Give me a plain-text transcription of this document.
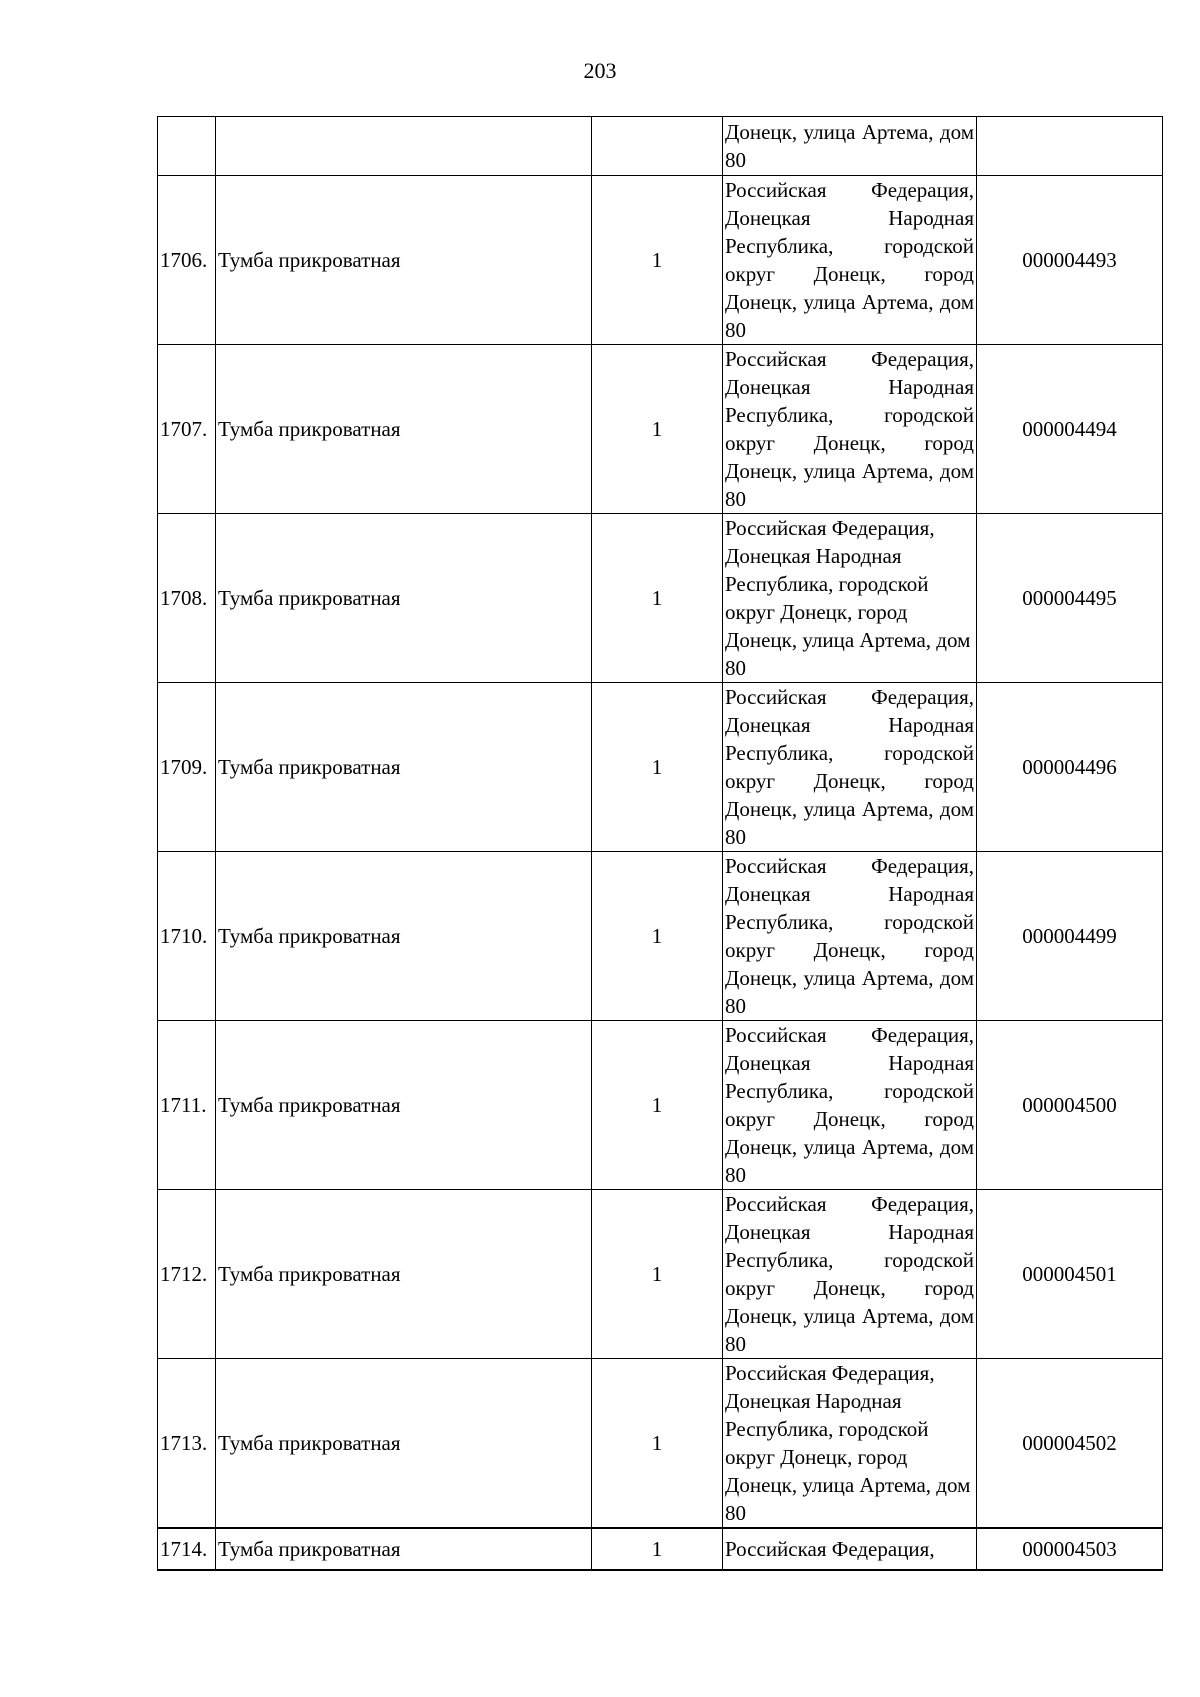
203
			Донецк, улица Артема, дом 80	
1706.	Тумба прикроватная	1	Российская Федерация, Донецкая Народная Республика, городской округ Донецк, город Донецк, улица Артема, дом 80	000004493
1707.	Тумба прикроватная	1	Российская Федерация, Донецкая Народная Республика, городской округ Донецк, город Донецк, улица Артема, дом 80	000004494
1708.	Тумба прикроватная	1	Российская Федерация, Донецкая Народная Республика, городской округ Донецк, город Донецк, улица Артема, дом 80	000004495
1709.	Тумба прикроватная	1	Российская Федерация, Донецкая Народная Республика, городской округ Донецк, город Донецк, улица Артема, дом 80	000004496
1710.	Тумба прикроватная	1	Российская Федерация, Донецкая Народная Республика, городской округ Донецк, город Донецк, улица Артема, дом 80	000004499
1711.	Тумба прикроватная	1	Российская Федерация, Донецкая Народная Республика, городской округ Донецк, город Донецк, улица Артема, дом 80	000004500
1712.	Тумба прикроватная	1	Российская Федерация, Донецкая Народная Республика, городской округ Донецк, город Донецк, улица Артема, дом 80	000004501
1713.	Тумба прикроватная	1	Российская Федерация, Донецкая Народная Республика, городской округ Донецк, город Донецк, улица Артема, дом 80	000004502
1714.	Тумба прикроватная	1	Российская Федерация,	000004503
